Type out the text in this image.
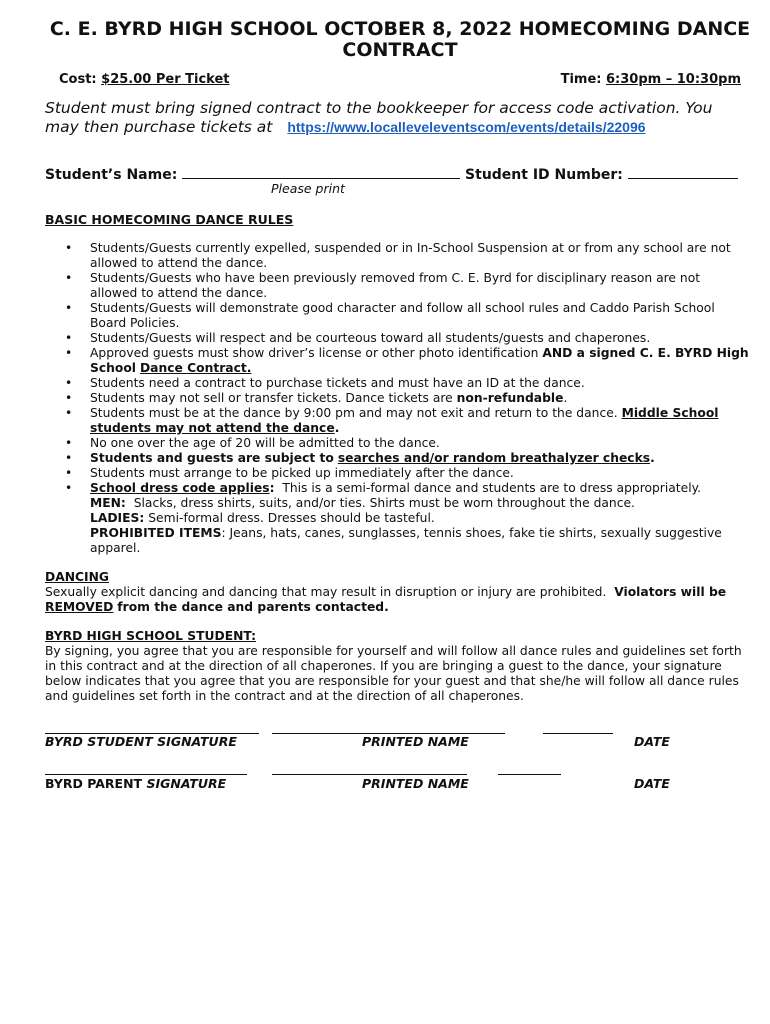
C. E. BYRD HIGH SCHOOL OCTOBER 8, 2022 HOMECOMING DANCE CONTRACT
Cost: $25.00 Per Ticket	Time: 6:30pm – 10:30pm
Student must bring signed contract to the bookkeeper for access code activation. You may then purchase tickets at https://www.localleveleventscom/events/details/22096
Student’s Name:	Student ID Number:
Please print
BASIC HOMECOMING DANCE RULES
• Students/Guests currently expelled, suspended or in In-School Suspension at or from any school are not allowed to attend the dance.
• Students/Guests who have been previously removed from C. E. Byrd for disciplinary reason are not allowed to attend the dance.
• Students/Guests will demonstrate good character and follow all school rules and Caddo Parish School Board Policies.
• Students/Guests will respect and be courteous toward all students/guests and chaperones.
• Approved guests must show driver’s license or other photo identification AND a signed C. E. BYRD High School Dance Contract.
• Students need a contract to purchase tickets and must have an ID at the dance.
• Students may not sell or transfer tickets. Dance tickets are non-refundable.
• Students must be at the dance by 9:00 pm and may not exit and return to the dance. Middle School students may not attend the dance.
• No one over the age of 20 will be admitted to the dance.
• Students and guests are subject to searches and/or random breathalyzer checks.
• Students must arrange to be picked up immediately after the dance.
• School dress code applies: This is a semi-formal dance and students are to dress appropriately.
MEN: Slacks, dress shirts, suits, and/or ties. Shirts must be worn throughout the dance.
LADIES: Semi-formal dress. Dresses should be tasteful.
PROHIBITED ITEMS: Jeans, hats, canes, sunglasses, tennis shoes, fake tie shirts, sexually suggestive apparel.
DANCING
Sexually explicit dancing and dancing that may result in disruption or injury are prohibited. Violators will be REMOVED from the dance and parents contacted.
BYRD HIGH SCHOOL STUDENT:
By signing, you agree that you are responsible for yourself and will follow all dance rules and guidelines set forth in this contract and at the direction of all chaperones. If you are bringing a guest to the dance, your signature below indicates that you agree that you are responsible for your guest and that she/he will follow all dance rules and guidelines set forth in the contract and at the direction of all chaperones.
BYRD STUDENT SIGNATURE	PRINTED NAME	DATE
BYRD PARENT SIGNATURE	PRINTED NAME	DATE
